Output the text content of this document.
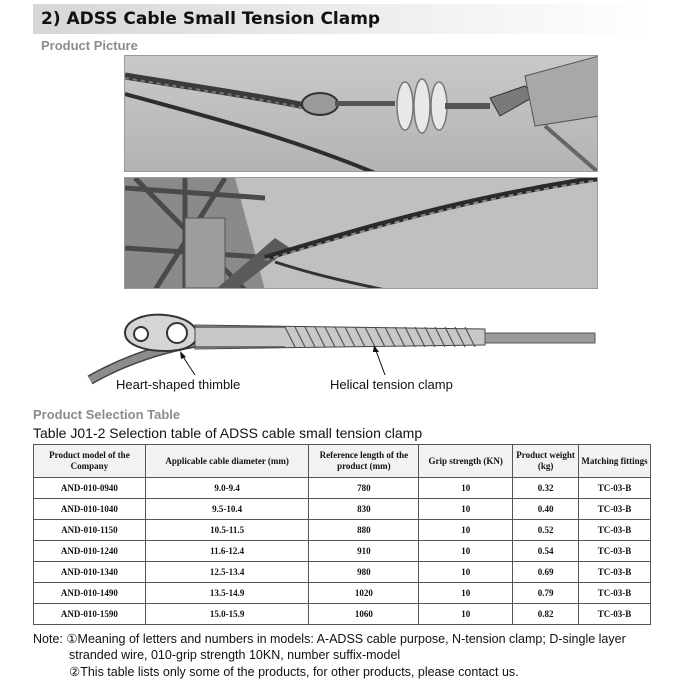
2) ADSS Cable Small Tension Clamp
Product Picture
Heart-shaped thimble	Helical tension clamp
Product Selection Table
Table J01-2 Selection table of ADSS cable small tension clamp
Product model of the Company	Applicable cable diameter (mm)	Reference length of the product (mm)	Grip strength (KN)	Product weight (kg)	Matching fittings
AND-010-0940	9.0-9.4	780	10	0.32	TC-03-B
AND-010-1040	9.5-10.4	830	10	0.40	TC-03-B
AND-010-1150	10.5-11.5	880	10	0.52	TC-03-B
AND-010-1240	11.6-12.4	910	10	0.54	TC-03-B
AND-010-1340	12.5-13.4	980	10	0.69	TC-03-B
AND-010-1490	13.5-14.9	1020	10	0.79	TC-03-B
AND-010-1590	15.0-15.9	1060	10	0.82	TC-03-B
Note: ①Meaning of letters and numbers in models: A-ADSS cable purpose, N-tension clamp; D-single layer
stranded wire, 010-grip strength 10KN, number suffix-model
②This table lists only some of the products, for other products, please contact us.
